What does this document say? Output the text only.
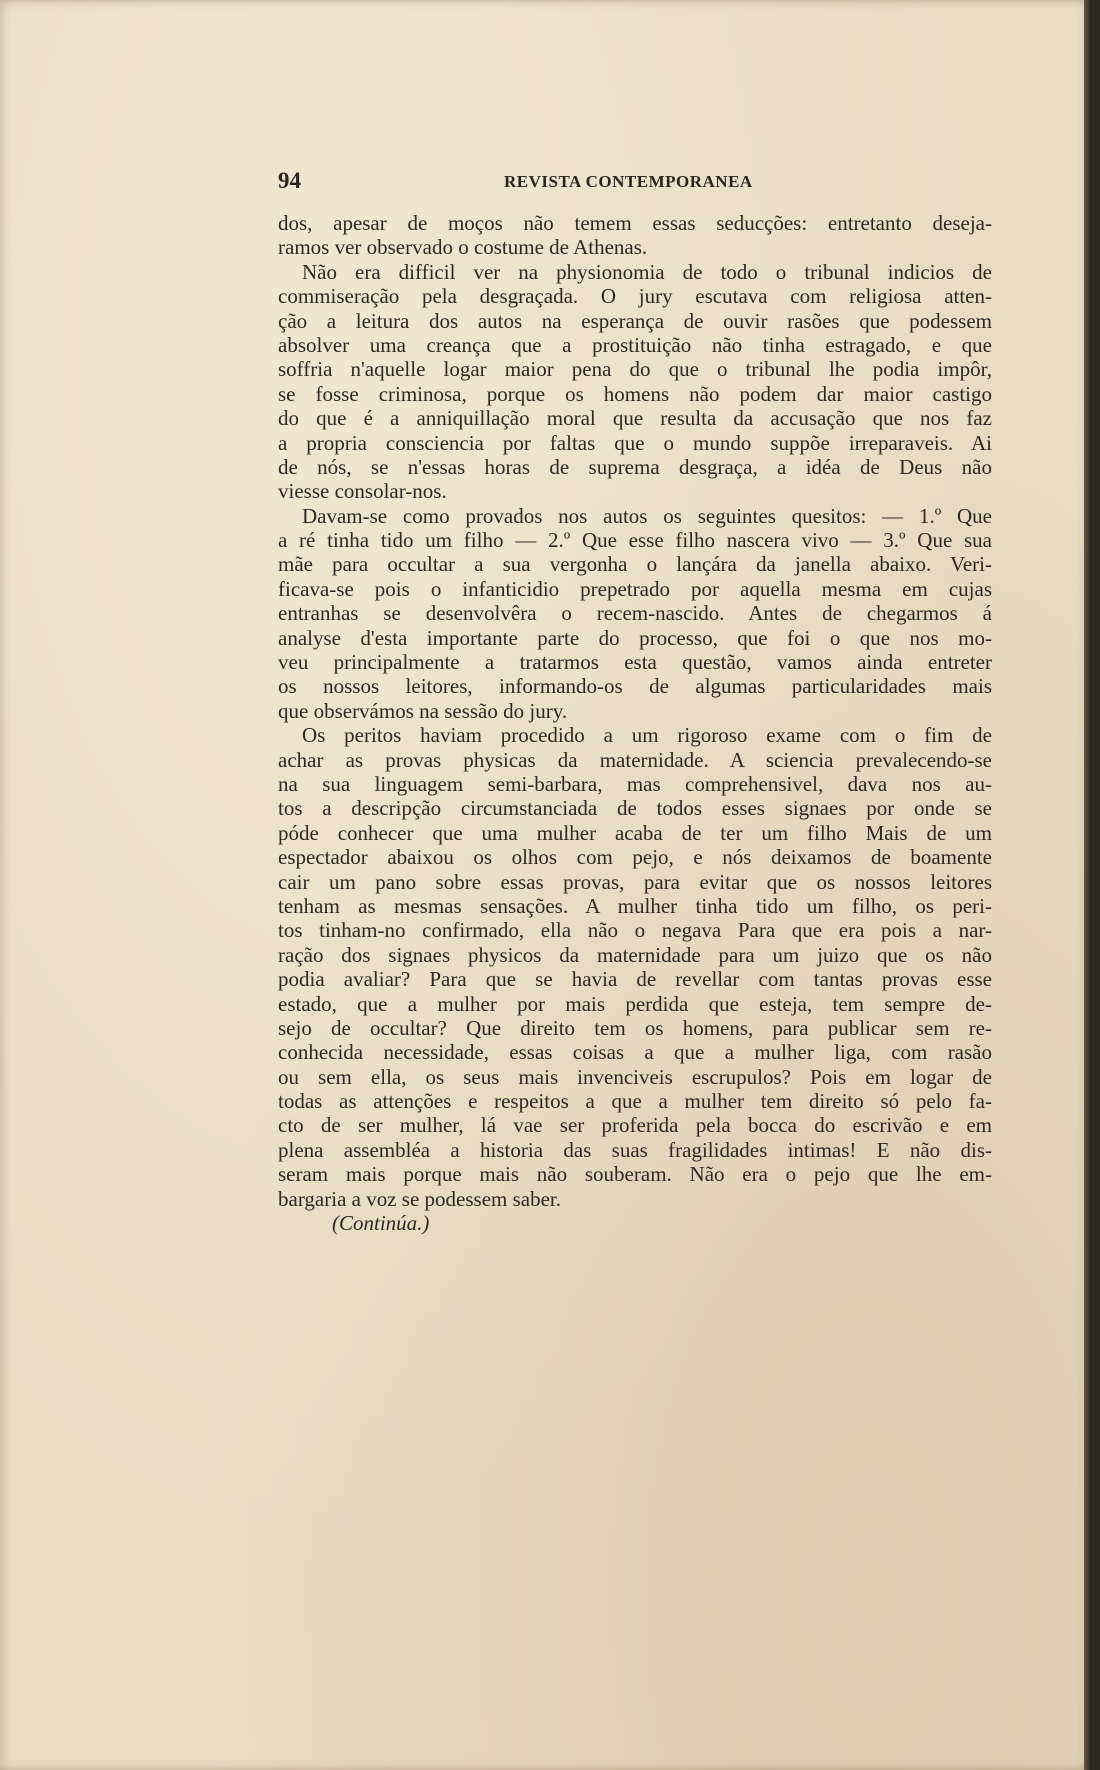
94	REVISTA CONTEMPORANEA
dos, apesar de moços não temem essas seducções: entretanto deseja-
ramos ver observado o costume de Athenas.
Não era difficil ver na physionomia de todo o tribunal indicios de
commiseração pela desgraçada. O jury escutava com religiosa atten-
ção a leitura dos autos na esperança de ouvir rasões que podessem
absolver uma creança que a prostituição não tinha estragado, e que
soffria n'aquelle logar maior pena do que o tribunal lhe podia impôr,
se fosse criminosa, porque os homens não podem dar maior castigo
do que é a anniquillação moral que resulta da accusação que nos faz
a propria consciencia por faltas que o mundo suppõe irreparaveis. Ai
de nós, se n'essas horas de suprema desgraça, a idéa de Deus não
viesse consolar-nos.
Davam-se como provados nos autos os seguintes quesitos: — 1.º Que
a ré tinha tido um filho — 2.º Que esse filho nascera vivo — 3.º Que sua
mãe para occultar a sua vergonha o lançára da janella abaixo. Veri-
ficava-se pois o infanticidio prepetrado por aquella mesma em cujas
entranhas se desenvolvêra o recem-nascido. Antes de chegarmos á
analyse d'esta importante parte do processo, que foi o que nos mo-
veu principalmente a tratarmos esta questão, vamos ainda entreter
os nossos leitores, informando-os de algumas particularidades mais
que observámos na sessão do jury.
Os peritos haviam procedido a um rigoroso exame com o fim de
achar as provas physicas da maternidade. A sciencia prevalecendo-se
na sua linguagem semi-barbara, mas comprehensivel, dava nos au-
tos a descripção circumstanciada de todos esses signaes por onde se
póde conhecer que uma mulher acaba de ter um filho Mais de um
espectador abaixou os olhos com pejo, e nós deixamos de boamente
cair um pano sobre essas provas, para evitar que os nossos leitores
tenham as mesmas sensações. A mulher tinha tido um filho, os peri-
tos tinham-no confirmado, ella não o negava Para que era pois a nar-
ração dos signaes physicos da maternidade para um juizo que os não
podia avaliar? Para que se havia de revellar com tantas provas esse
estado, que a mulher por mais perdida que esteja, tem sempre de-
sejo de occultar? Que direito tem os homens, para publicar sem re-
conhecida necessidade, essas coisas a que a mulher liga, com rasão
ou sem ella, os seus mais invenciveis escrupulos? Pois em logar de
todas as attenções e respeitos a que a mulher tem direito só pelo fa-
cto de ser mulher, lá vae ser proferida pela bocca do escrivão e em
plena assembléa a historia das suas fragilidades intimas! E não dis-
seram mais porque mais não souberam. Não era o pejo que lhe em-
bargaria a voz se podessem saber.
(Continúa.)
